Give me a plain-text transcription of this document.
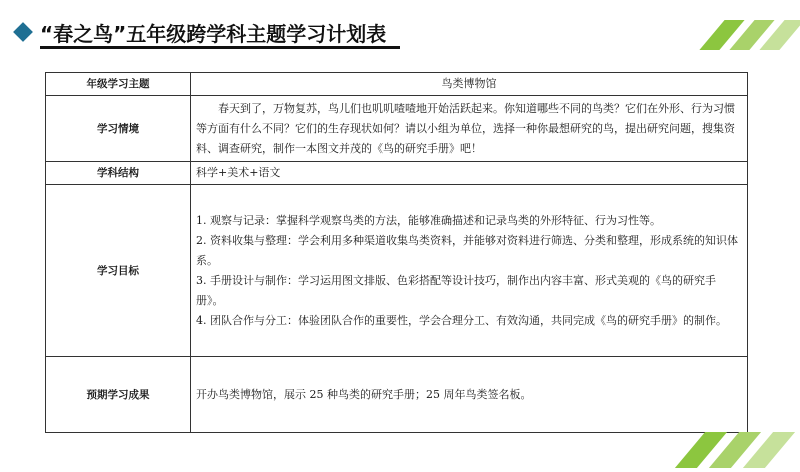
“春之鸟”五年级跨学科主题学习计划表
年级学习主题	鸟类博物馆
学习情境	春天到了，万物复苏，鸟儿们也叽叽喳喳地开始活跃起来。你知道哪些不同的鸟类？它们在外形、行为习惯等方面有什么不同？它们的生存现状如何？请以小组为单位，选择一种你最想研究的鸟，提出研究问题，搜集资料、调查研究，制作一本图文并茂的《鸟的研究手册》吧！

学科结构	科学+美术+语文
学习目标	1. 观察与记录：掌握科学观察鸟类的方法，能够准确描述和记录鸟类的外形特征、行为习性等。

2. 资料收集与整理：学会利用多种渠道收集鸟类资料，并能够对资料进行筛选、分类和整理，形成系统的知识体系。

3. 手册设计与制作：学习运用图文排版、色彩搭配等设计技巧，制作出内容丰富、形式美观的《鸟的研究手册》。

4. 团队合作与分工：体验团队合作的重要性，学会合理分工、有效沟通，共同完成《鸟的研究手册》的制作。

预期学习成果	开办鸟类博物馆，展示 25 种鸟类的研究手册；25 周年鸟类签名板。
